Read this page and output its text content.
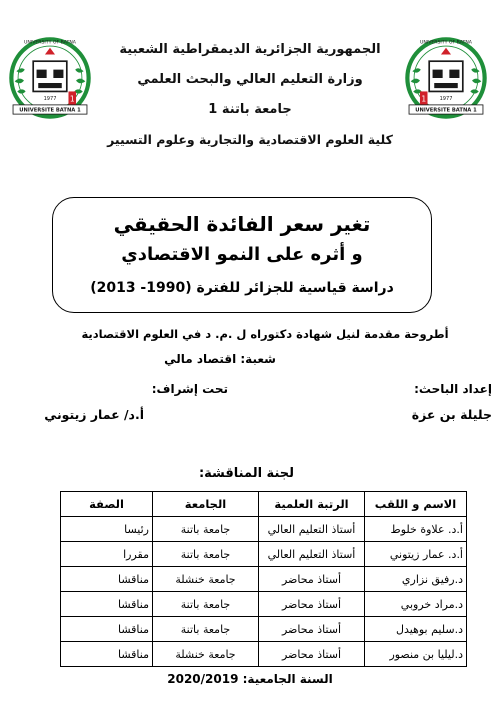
1
1977
UNIVERSITE BATNA 1
UNIVERSITY OF BATNA
1 1977
UNIVERSITE BATNA 1
UNIVERSITY OF BATNA
الجمهورية الجزائرية الديمقراطية الشعبية
وزارة التعليم العالي والبحث العلمي
جامعة باتنة 1
كلية العلوم الاقتصادية والتجارية وعلوم التسيير
تغير سعر الفائدة الحقيقي
و أثره على النمو الاقتصادي
دراسة قياسية للجزائر للفترة (1990- 2013)
أطروحة مقدمة لنيل شهادة دكتوراه ل .م. د في العلوم الاقتصادية
شعبة: اقتصاد مالي
إعداد الباحث:
تحت إشراف:
جليلة بن عزة
أ.د/ عمار زيتوني
لجنة المناقشة:
الاسم و اللقب	الرتبة العلمية	الجامعة	الصفة
أ.د. علاوة خلوط	أستاذ التعليم العالي	جامعة باتنة	رئيسا
أ.د. عمار زيتوني	أستاذ التعليم العالي	جامعة باتنة	مقررا
د.رفيق نزاري	أستاذ محاضر	جامعة خنشلة	مناقشا
د.مراد خروبي	أستاذ محاضر	جامعة باتنة	مناقشا
د.سليم بوهيدل	أستاذ محاضر	جامعة باتنة	مناقشا
د.ليليا بن منصور	أستاذ محاضر	جامعة خنشلة	مناقشا
السنة الجامعية: 2020/2019
